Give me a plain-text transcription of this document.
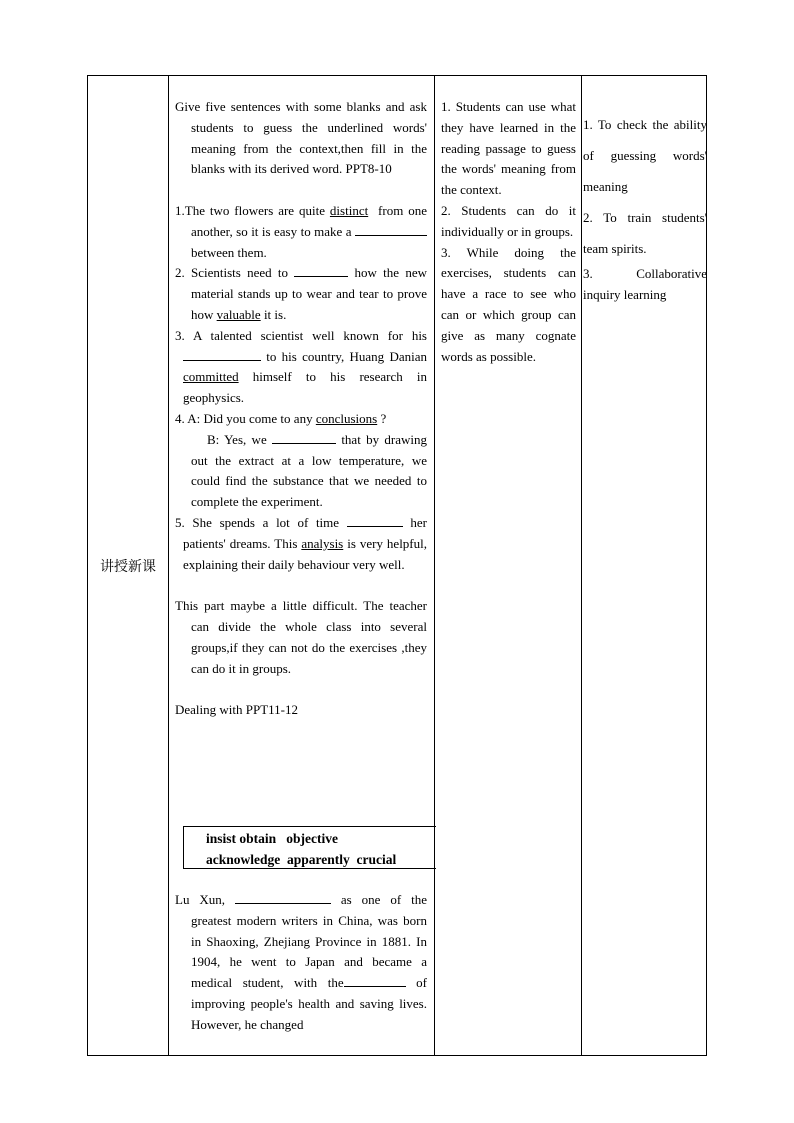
讲授新课

Give five sentences with some blanks and ask students to guess the underlined words' meaning from the context,then fill in the blanks with its derived word. PPT8-10

1.The two flowers are quite distinct  from one another, so it is easy to make a  between them.

2. Scientists need to	how the new material stands up to wear and tear to prove how valuable it is.

3. A talented scientist well known for his  to his country, Huang Danian committed himself to his research in geophysics.

4. A: Did you come to any conclusions ?

B: Yes, we	that by drawing out the extract at a low temperature, we could find the substance that we needed to complete the experiment.

5. She spends a lot of time	her patients' dreams. This analysis is very helpful, explaining their daily behaviour very well.

This part maybe a little difficult. The teacher can divide the whole class into several groups,if they can not do the exercises ,they can do it in groups.

Dealing with PPT11-12

insist obtain   objective
acknowledge  apparently  crucial

Lu Xun,	as one of the greatest modern writers in China, was born in Shaoxing, Zhejiang Province in 1881. In 1904, he went to Japan and became a medical student, with the	of improving people's health and saving lives. However, he changed

1. Students can use what they have learned in the reading passage to guess the words' meaning from the context.

2. Students can do it individually or in groups.

3. While doing the exercises, students can have a race to see who can or which group can give as many cognate words as possible.

1. To check the ability of guessing words' meaning

2. To train students' team spirits.

3. Collaborative inquiry learning
